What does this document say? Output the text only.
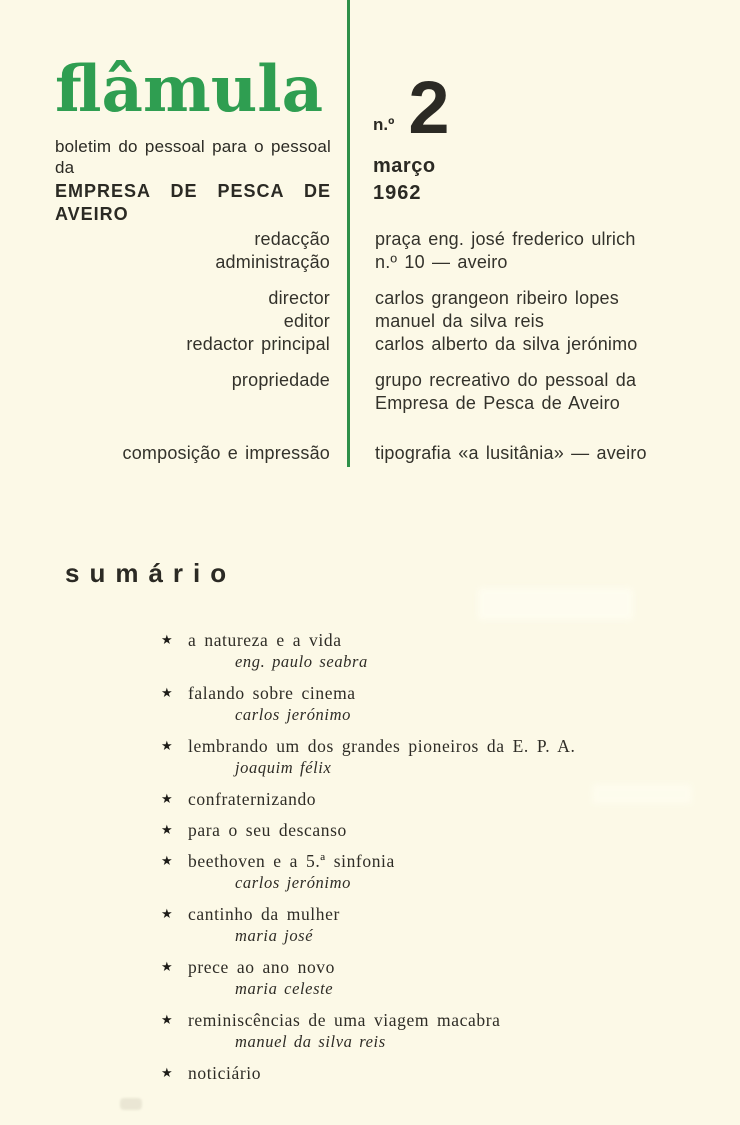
flâmula
boletim do pessoal para o pessoal da
EMPRESA DE PESCA DE AVEIRO
n.º 2
março
1962
redacção
administração
praça eng. josé frederico ulrich
n.º 10 — aveiro
director
editor
redactor principal
carlos grangeon ribeiro lopes
manuel da silva reis
carlos alberto da silva jerónimo
propriedade	grupo recreativo do pessoal da
Empresa de Pesca de Aveiro
composição e impressão	tipografia «a lusitânia» — aveiro
sumário
★ a natureza e a vida
eng. paulo seabra
★ falando sobre cinema
carlos jerónimo
★ lembrando um dos grandes pioneiros da E. P. A.
joaquim félix
★ confraternizando
★ para o seu descanso
★ beethoven e a 5.ª sinfonia
carlos jerónimo
★ cantinho da mulher
maria josé
★ prece ao ano novo
maria celeste
★ reminiscências de uma viagem macabra
manuel da silva reis
★ noticiário
